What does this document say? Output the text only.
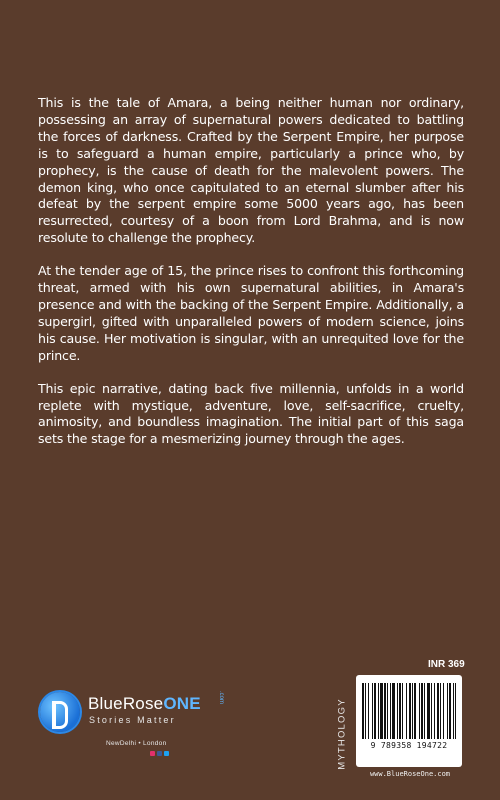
This is the tale of Amara, a being neither human nor ordinary, possessing an array of supernatural powers dedicated to battling the forces of darkness. Crafted by the Serpent Empire, her purpose is to safeguard a human empire, particularly a prince who, by prophecy, is the cause of death for the malevolent powers. The demon king, who once capitulated to an eternal slumber after his defeat by the serpent empire some 5000 years ago, has been resurrected, courtesy of a boon from Lord Brahma, and is now resolute to challenge the prophecy.

At the tender age of 15, the prince rises to confront this forthcoming threat, armed with his own supernatural abilities, in Amara's presence and with the backing of the Serpent Empire. Additionally, a supergirl, gifted with unparalleled powers of modern science, joins his cause. Her motivation is singular, with an unrequited love for the prince.

This epic narrative, dating back five millennia, unfolds in a world replete with mystique, adventure, love, self-sacrifice, cruelty, animosity, and boundless imagination. The initial part of this saga sets the stage for a mesmerizing journey through the ages.

BlueRoseONE	.com
Stories Matter
NewDelhi • London	MYTHOLOGY
INR 369
9 789358 194722
www.BlueRoseOne.com
